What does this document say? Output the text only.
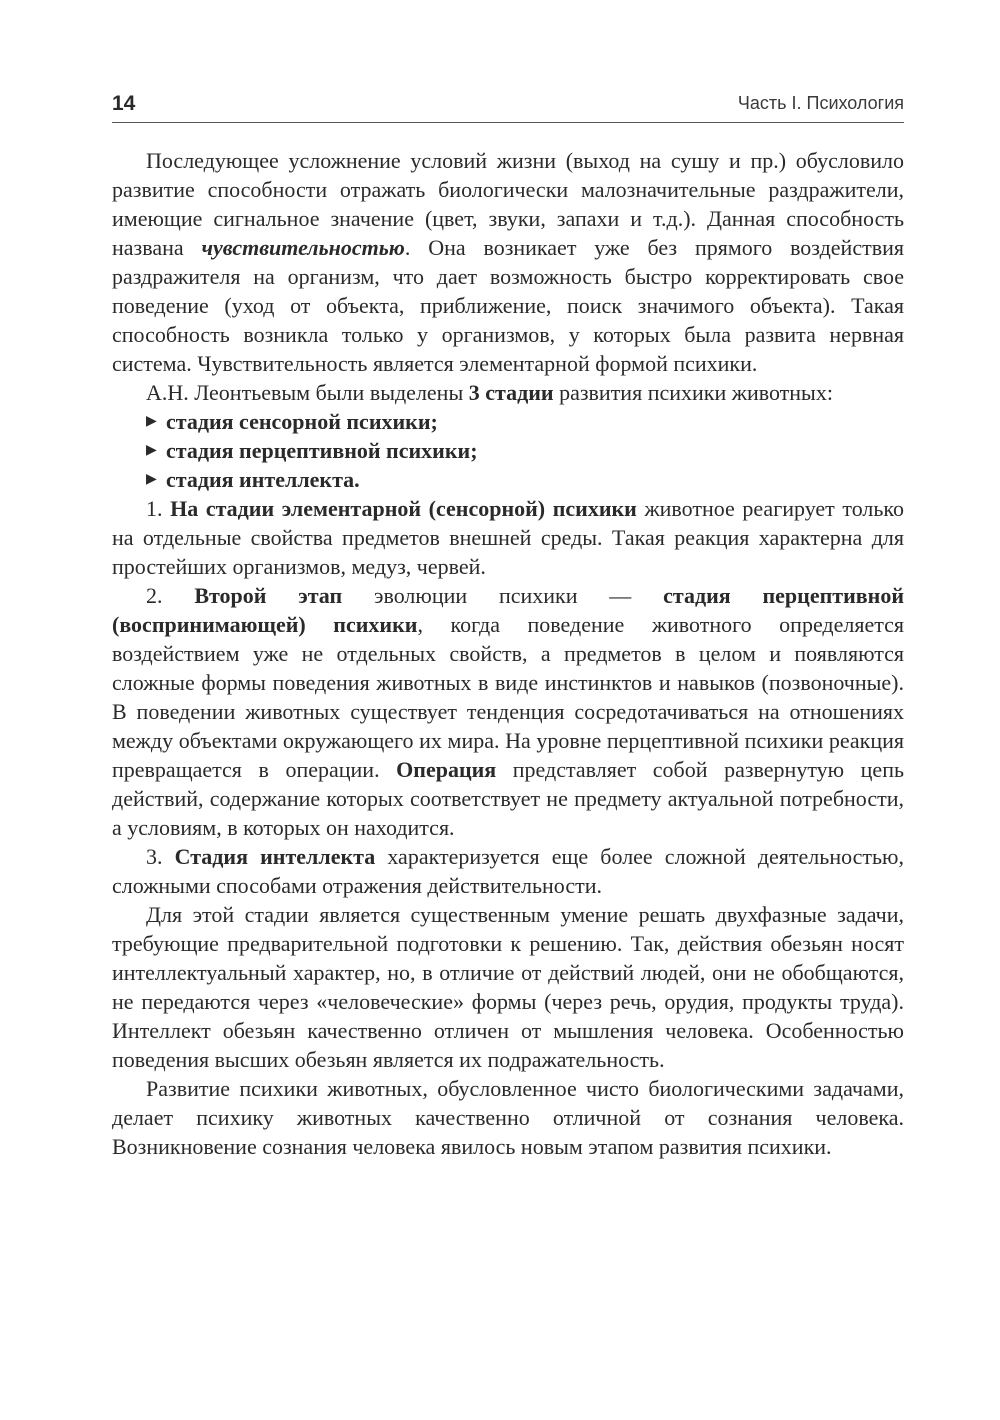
14	Часть I. Психология

Последующее усложнение условий жизни (выход на сушу и пр.) обусловило развитие способности отражать биологически малозначительные раздражители, имеющие сигнальное значение (цвет, звуки, запахи и т.д.). Данная способность названа чувствительностью. Она возникает уже без прямого воздействия раздражителя на организм, что дает возможность быстро корректировать свое поведение (уход от объекта, приближение, поиск значимого объекта). Такая способность возникла только у организмов, у которых была развита нервная система. Чувствительность является элементарной формой психики.

А.Н. Леонтьевым были выделены 3 стадии развития психики животных:

▶ стадия сенсорной психики;
▶ стадия перцептивной психики;
▶ стадия интеллекта.

1. На стадии элементарной (сенсорной) психики животное реагирует только на отдельные свойства предметов внешней среды. Такая реакция характерна для простейших организмов, медуз, червей.

2. Второй этап эволюции психики — стадия перцептивной (воспринимающей) психики, когда поведение животного определяется воздействием уже не отдельных свойств, а предметов в целом и появляются сложные формы поведения животных в виде инстинктов и навыков (позвоночные). В поведении животных существует тенденция сосредотачиваться на отношениях между объектами окружающего их мира. На уровне перцептивной психики реакция превращается в операции. Операция представляет собой развернутую цепь действий, содержание которых соответствует не предмету актуальной потребности, а условиям, в которых он находится.

3. Стадия интеллекта характеризуется еще более сложной деятельностью, сложными способами отражения действительности.

Для этой стадии является существенным умение решать двухфазные задачи, требующие предварительной подготовки к решению. Так, действия обезьян носят интеллектуальный характер, но, в отличие от действий людей, они не обобщаются, не передаются через «человеческие» формы (через речь, орудия, продукты труда). Интеллект обезьян качественно отличен от мышления человека. Особенностью поведения высших обезьян является их подражательность.

Развитие психики животных, обусловленное чисто биологическими задачами, делает психику животных качественно отличной от сознания человека. Возникновение сознания человека явилось новым этапом развития психики.
